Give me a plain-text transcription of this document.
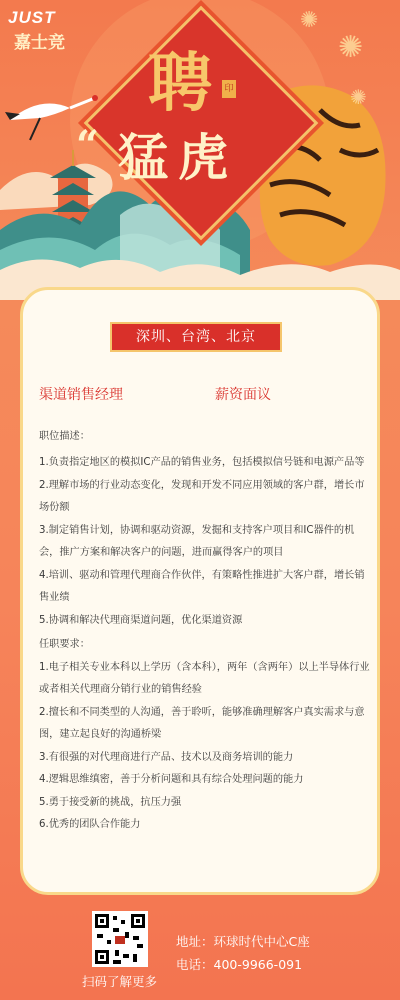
JUST
嘉士竞	✺
✺
✺
聘 印
“ 猛虎
深圳、台湾、北京
渠道销售经理	薪资面议

职位描述：

1.负责指定地区的模拟IC产品的销售业务，包括模拟信号链和电源产品等

2.理解市场的行业动态变化，发现和开发不同应用领域的客户群，增长市场份额

3.制定销售计划，协调和驱动资源，发掘和支持客户项目和IC器件的机会，推广方案和解决客户的问题，进而赢得客户的项目

4.培训、驱动和管理代理商合作伙伴，有策略性推进扩大客户群，增长销售业绩

5.协调和解决代理商渠道问题，优化渠道资源

任职要求：

1.电子相关专业本科以上学历（含本科），两年（含两年）以上半导体行业或者相关代理商分销行业的销售经验

2.擅长和不同类型的人沟通，善于聆听，能够准确理解客户真实需求与意图，建立起良好的沟通桥梁

3.有很强的对代理商进行产品、技术以及商务培训的能力

4.逻辑思维缜密，善于分析问题和具有综合处理问题的能力

5.勇于接受新的挑战，抗压力强

6.优秀的团队合作能力

扫码了解更多
地址：环球时代中心C座
电话：400-9966-091
